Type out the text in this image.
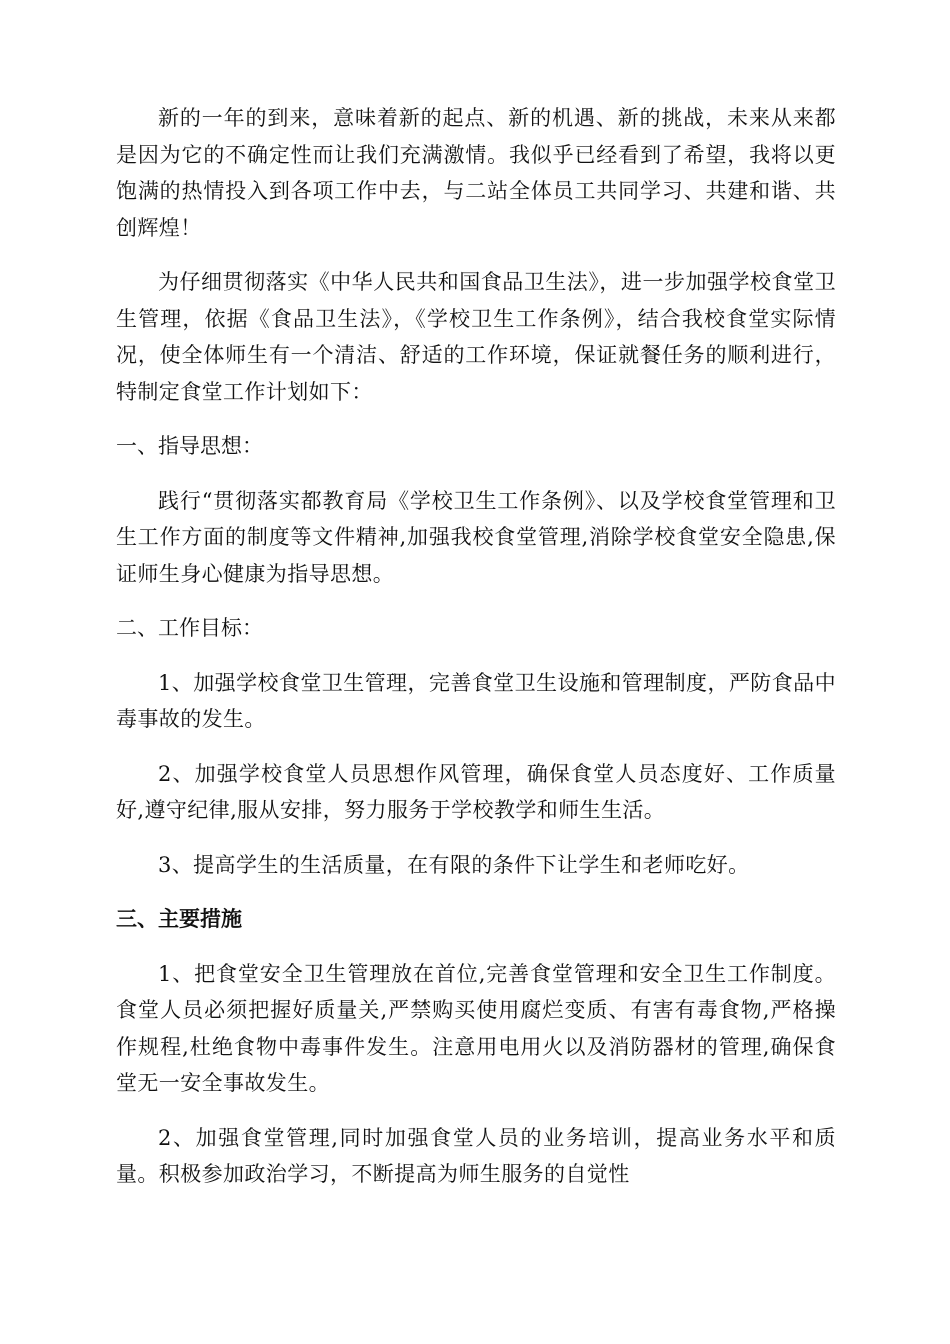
新的一年的到来，意味着新的起点、新的机遇、新的挑战，未来从来都是因为它的不确定性而让我们充满激情。我似乎已经看到了希望，我将以更饱满的热情投入到各项工作中去，与二站全体员工共同学习、共建和谐、共创辉煌！

为仔细贯彻落实《中华人民共和国食品卫生法》，进一步加强学校食堂卫生管理，依据《食品卫生法》，《学校卫生工作条例》，结合我校食堂实际情况，使全体师生有一个清洁、舒适的工作环境，保证就餐任务的顺利进行，特制定食堂工作计划如下：

一、指导思想：

践行“贯彻落实都教育局《学校卫生工作条例》、以及学校食堂管理和卫生工作方面的制度等文件精神,加强我校食堂管理,消除学校食堂安全隐患,保证师生身心健康为指导思想。

二、工作目标：

1、加强学校食堂卫生管理，完善食堂卫生设施和管理制度，严防食品中毒事故的发生。

2、加强学校食堂人员思想作风管理，确保食堂人员态度好、工作质量好,遵守纪律,服从安排，努力服务于学校教学和师生生活。

3、提高学生的生活质量，在有限的条件下让学生和老师吃好。

三、主要措施

1、把食堂安全卫生管理放在首位,完善食堂管理和安全卫生工作制度。食堂人员必须把握好质量关,严禁购买使用腐烂变质、有害有毒食物,严格操作规程,杜绝食物中毒事件发生。注意用电用火以及消防器材的管理,确保食堂无一安全事故发生。

2、加强食堂管理,同时加强食堂人员的业务培训，提高业务水平和质量。积极参加政治学习，不断提高为师生服务的自觉性
